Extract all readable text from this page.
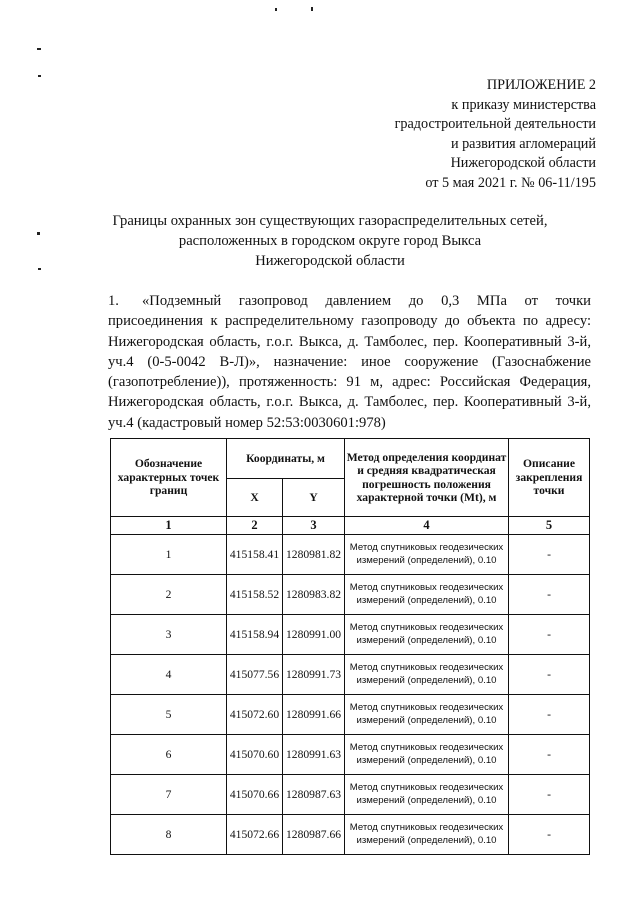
ПРИЛОЖЕНИЕ 2
к приказу министерства
градостроительной деятельности
и развития агломераций
Нижегородской области
от 5 мая 2021 г. № 06-11/195
Границы охранных зон существующих газораспределительных сетей,
расположенных в городском округе город Выкса
Нижегородской области
1. «Подземный газопровод давлением до 0,3 МПа от точки присоединения к распределительному газопроводу до объекта по адресу: Нижегородская область, г.о.г. Выкса, д. Тамболес, пер. Кооперативный 3-й, уч.4 (0-5-0042 В-Л)», назначение: иное сооружение (Газоснабжение (газопотребление)), протяженность: 91 м, адрес: Российская Федерация, Нижегородская область, г.о.г. Выкса, д. Тамболес, пер. Кооперативный 3-й, уч.4 (кадастровый номер 52:53:0030601:978)
Обозначение характерных точек границ	Координаты, м		Метод определения координат и средняя квадратическая погрешность положения характерной точки (Mt), м	Описание закрепления точки
	X	Y		
1	2	3	4	5
1	415158.41	1280981.82	Метод спутниковых геодезических измерений (определений), 0.10	-
2	415158.52	1280983.82	Метод спутниковых геодезических измерений (определений), 0.10	-
3	415158.94	1280991.00	Метод спутниковых геодезических измерений (определений), 0.10	-
4	415077.56	1280991.73	Метод спутниковых геодезических измерений (определений), 0.10	-
5	415072.60	1280991.66	Метод спутниковых геодезических измерений (определений), 0.10	-
6	415070.60	1280991.63	Метод спутниковых геодезических измерений (определений), 0.10	-
7	415070.66	1280987.63	Метод спутниковых геодезических измерений (определений), 0.10	-
8	415072.66	1280987.66	Метод спутниковых геодезических измерений (определений), 0.10	-
